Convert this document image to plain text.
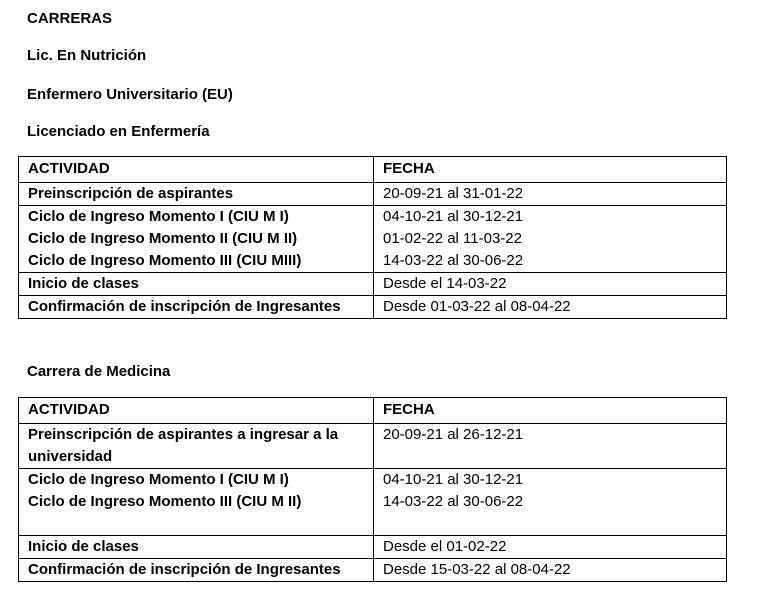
CARRERAS

Lic. En Nutrición

Enfermero Universitario (EU)

Licenciado en Enfermería

ACTIVIDAD	FECHA
Preinscripción de aspirantes	20-09-21 al 31-01-22
Ciclo de Ingreso Momento I (CIU M I)	04-10-21 al 30-12-21
Ciclo de Ingreso Momento II (CIU M II)	01-02-22 al 11-03-22
Ciclo de Ingreso Momento III (CIU MIII)	14-03-22 al 30-06-22
Inicio de clases	Desde el 14-03-22
Confirmación de inscripción de Ingresantes	Desde 01-03-22 al 08-04-22

Carrera de Medicina

ACTIVIDAD	FECHA
Preinscripción de aspirantes a ingresar a la universidad	20-09-21 al 26-12-21
Ciclo de Ingreso Momento I (CIU M I)	04-10-21 al 30-12-21
Ciclo de Ingreso Momento III (CIU M II)	14-03-22 al 30-06-22
Inicio de clases	Desde el 01-02-22
Confirmación de inscripción de Ingresantes	Desde 15-03-22 al 08-04-22
